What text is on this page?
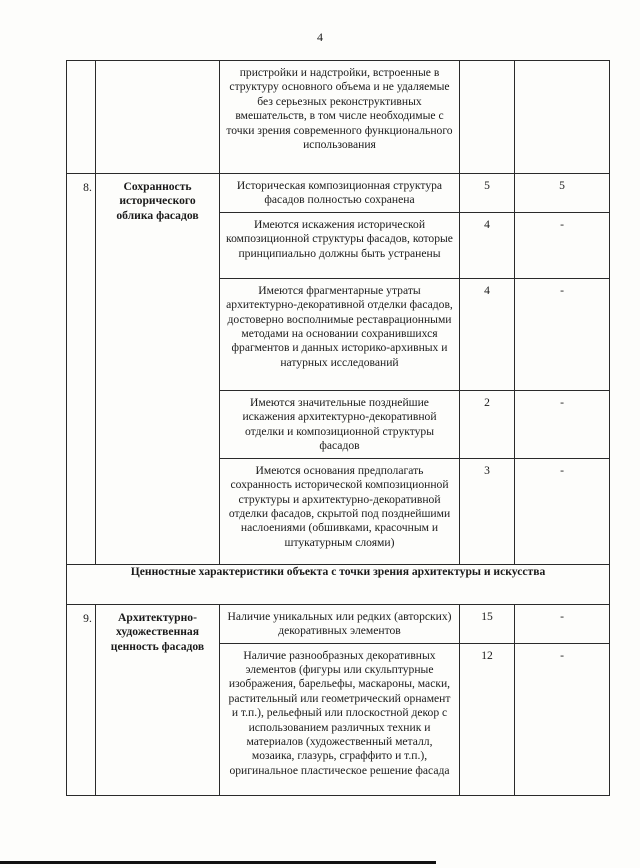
4

		пристройки и надстройки, встроенные в структуру основного объема и не удаляемые без серьезных реконструктивных вмешательств, в том числе необходимые с точки зрения современного функционального использования		

8.	Сохранность исторического облика фасадов	Историческая композиционная структура фасадов полностью сохранена	5	5

		Имеются искажения исторической композиционной структуры фасадов, которые принципиально должны быть устранены	4	-

		Имеются фрагментарные утраты архитектурно-декоративной отделки фасадов, достоверно восполнимые реставрационными методами на основании сохранившихся фрагментов и данных историко-архивных и натурных исследований	4	-

		Имеются значительные позднейшие искажения архитектурно-декоративной отделки и композиционной структуры фасадов	2	-

		Имеются основания предполагать сохранность исторической композиционной структуры и архитектурно-декоративной отделки фасадов, скрытой под позднейшими наслоениями (обшивками, красочным и штукатурным слоями)	3	-

Ценностные характеристики объекта с точки зрения архитектуры и искусства				

9.	Архитектурно-художественная ценность фасадов	Наличие уникальных или редких (авторских) декоративных элементов	15	-

		Наличие разнообразных декоративных элементов (фигуры или скульптурные изображения, барельефы, маскароны, маски, растительный или геометрический орнамент и т.п.), рельефный или плоскостной декор с использованием различных техник и материалов (художественный металл, мозаика, глазурь, сграффито и т.п.), оригинальное пластическое решение фасада	12	-
